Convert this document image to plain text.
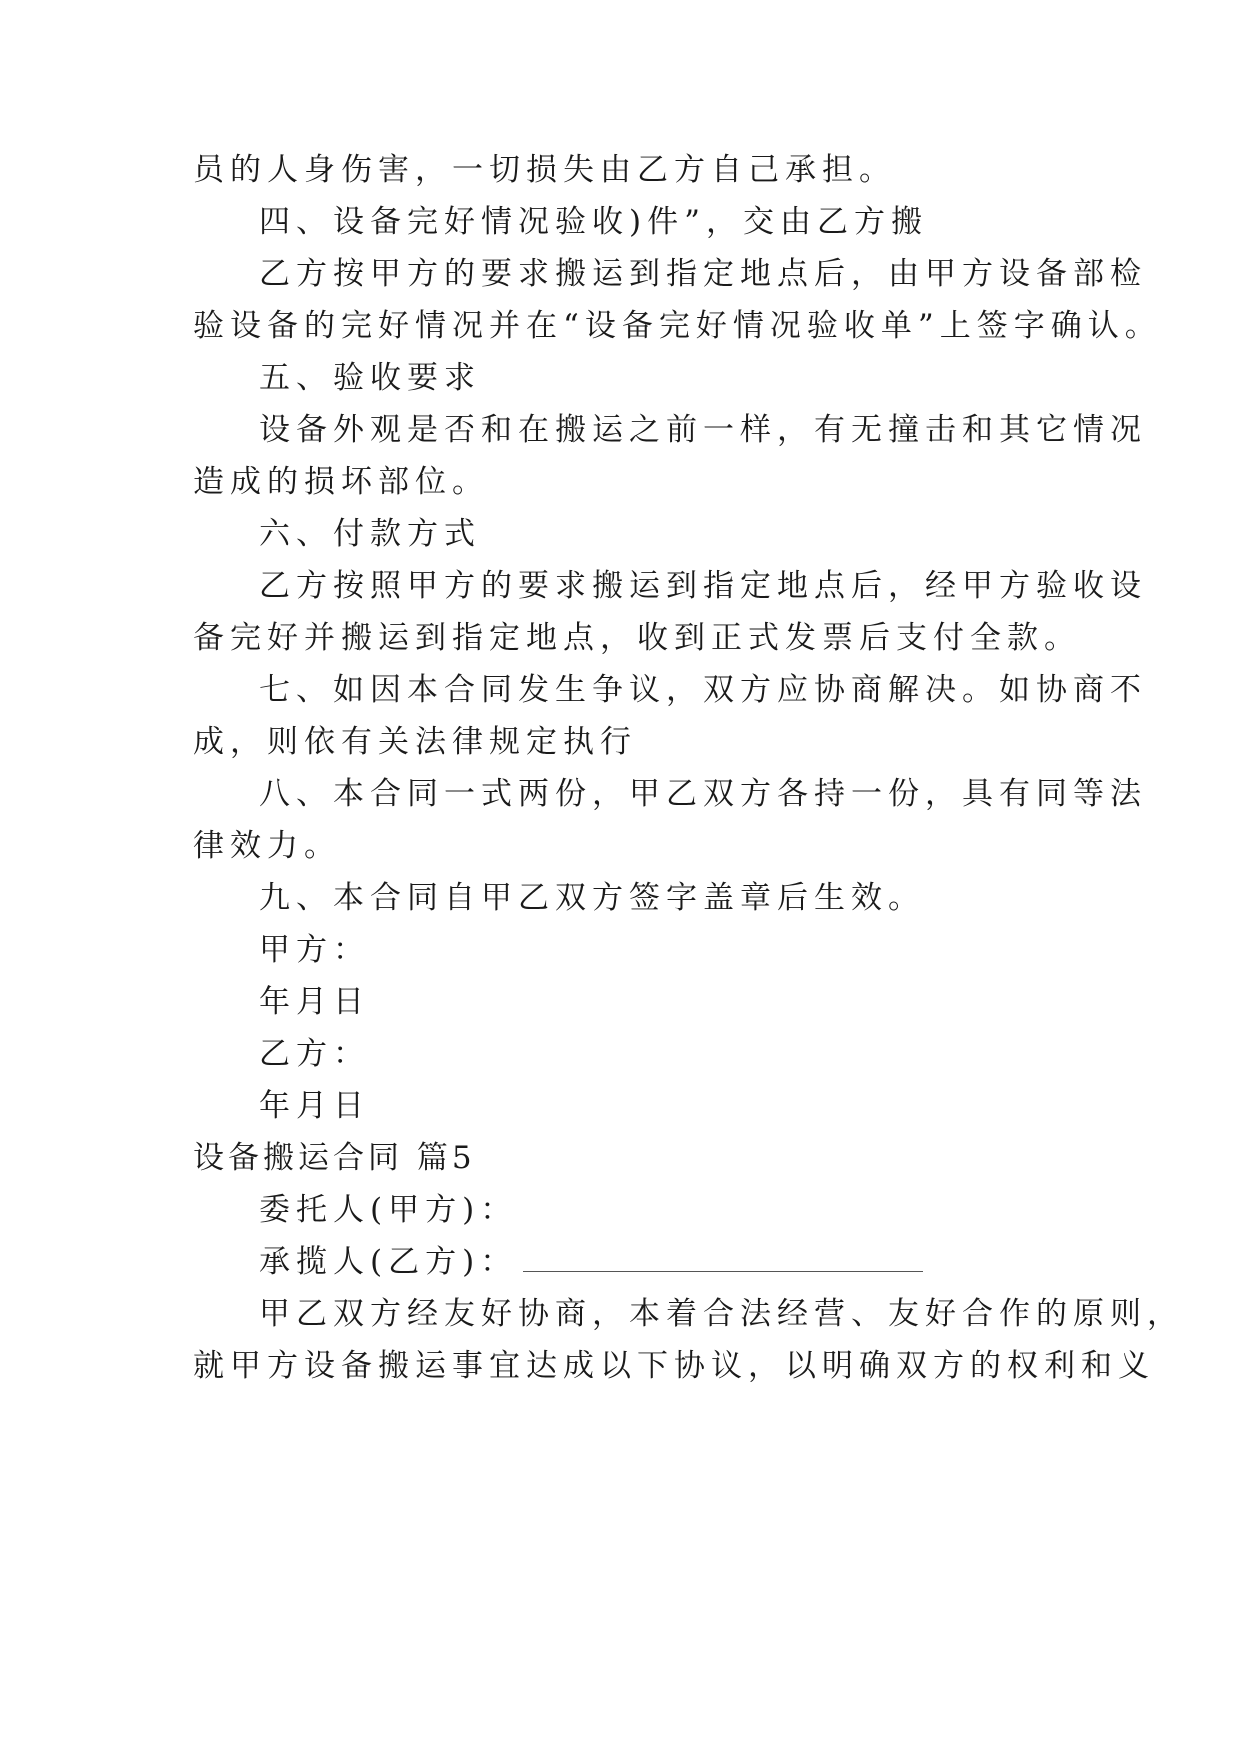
员的人身伤害，一切损失由乙方自己承担。
四、设备完好情况验收)件”，交由乙方搬
乙方按甲方的要求搬运到指定地点后，由甲方设备部检
验设备的完好情况并在“设备完好情况验收单”上签字确认。
五、验收要求
设备外观是否和在搬运之前一样，有无撞击和其它情况
造成的损坏部位。
六、付款方式
乙方按照甲方的要求搬运到指定地点后，经甲方验收设
备完好并搬运到指定地点，收到正式发票后支付全款。
七、如因本合同发生争议，双方应协商解决。如协商不
成，则依有关法律规定执行
八、本合同一式两份，甲乙双方各持一份，具有同等法
律效力。
九、本合同自甲乙双方签字盖章后生效。
甲方：
年月日
乙方：
年月日
设备搬运合同 篇5
委托人(甲方)：
承揽人(乙方)：
甲乙双方经友好协商，本着合法经营、友好合作的原则，
就甲方设备搬运事宜达成以下协议，以明确双方的权利和义
